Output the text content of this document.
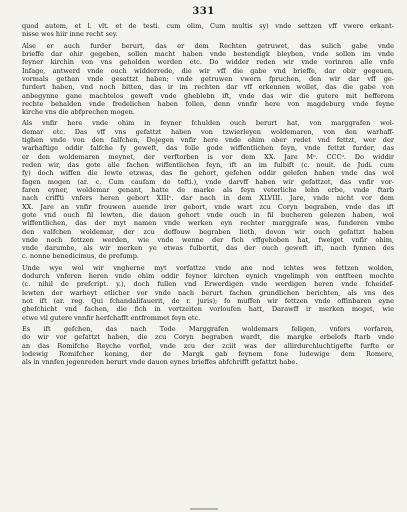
331
quod autem, et l. vlt. et de testi. cum olim, Cum multis sy) vnde settzen vff vwere erkant-
nisse wes hiir inne recht sey.
Alse er auch furder berurt, das er dem Rechten getruwet, das sulich gabe vnde
brieffe dar ohir gegeben, sollen macht haben vnde bestendigk bleyben, vnde sollen im vnde
feyner kirchin von vns geholden werden etc. Do widder reden wir vnde vorinren alle vnfe
Infage, antwerd vnde ouch widderrede, die wir vff die gabe vnd brieffe, dar obir gegeuen,
vormals gethan vnde gesattzt haben; vnde getruwen vwern fpruchen, den wir dar vff ge-
furdert haben, vnd noch bitten, das ir im rechten dar vff erkennen wollet, das die gabe von
anbegynne gane machtelos geweft vnde gheblebn ift, vnde das wir die gutere mit befferem
rechte behalden vnde fredelichen haben follen, denn vnnfir here von magdeburg vnde feyne
kirche vns die abfprechen mogen.
Als vnfir here vnde ohim in feyner fchulden ouch berurt hat, von marggrafen wol-
demar etc. Das vff vns gefattzt haben von tzwierleyen woldemaren, von den warhaff-
tighen vnde von den falfchen, Dojegen vnfir here vnde ohim ober redet vnd fettzt, wer der
warhaftige oddir falfche fy geweft, das folle gode wiffentlichen feyn, vnde fettzt furder, das
er den woldemaren meynet, der verftorben is vor dem XX. Jare Mᵒ. CCCᵒ. Do widdir
reden wir, das gote alle fachen wiffentlichen feyn, ift an im fulbift (c. nouit. de Judi. cum
fy) doch wiffen die lewte etzwas, das fie gehort, gefehen oddir gelefen haben vnde das wol
fagen mogen (ar. c. Cum caufam de tefti.), vnde darvff haben wir gefattzet, das vnfir vor-
faren eyner, woldemar genant, hatte de marke als feyn veterliche lehn erbe, vnde ftarb
nach criffti vnfers heren gebort XIIIᶜ. dar nach in dem XLVIII. Jare, vnde nicht vor dem
XX. Jare an vnfir frouwen auende irer gebort, vnde wart zcu Coryn begraben, vnde das ift
gote vnd ouch fil lewten, die dauon gehort vnde ouch in fil bucheren gelezen haben, wol
wiffentlichen, das der myt namen vnde werken eyn rechter marggrafe was, funderen vmbe
den valfchen woldemar, der zcu deffouw begraben lieth, dovon wir ouch gefattzt haben
vnde noch fettzen werden, wie vnde wenne der fich vffgehoben hat, fweiget vnfir ohim,
vnde darumbe, als wir merken ye etwas fulbortit, das der ouch geweft ift, nach fynnen des
c. nonne benedicimus, de prefump.
Unde wye wol wir vngherne myt vorfattze vnde ane nod ichtes wes fettzen wolden,
dodurch vnferen heren vnde ohim oddir feyner kirchen eynich vngelimph von entfteen mochte
(c. nihil de prefcript. y.), doch fullen vnd Erwerdigen vnde werdigen heren vnde fcheidef-
lewten der warheyt etlicher vor vnde nach berurt fachen grundlichen berichten, als vns des
not ift (ar. reg. Qui fchandalifauerit, de r. juris); fo muffen wir fettzen vnde offinbaren eyne
ghefchicht vnd fachen, die fich in vortzeiten vorloufen hatt, Darawff ir merken moget, wie
etwe vil gutere vnnfir herfchafft entfrommet feyn etc.
Es ift gefchen, das nach Tode Marggrafen woldemars feligen, vnfers vorfaren,
do wir vor gefattzt haben, die zcu Coryn begraben wardt, die margke erbelofs ftarb vnde
an das Romifche Reyche vorfiel, vnde zcu der zciit was der allirdurchluchtigefte furfte er
lodewig Romifcher koning, der de Margk gab feynem fone ludewige dem Romere,
als in vnnfen jegenreden berurt vnde dauon eynes brieffes abfchrifft gefattzt habe.
